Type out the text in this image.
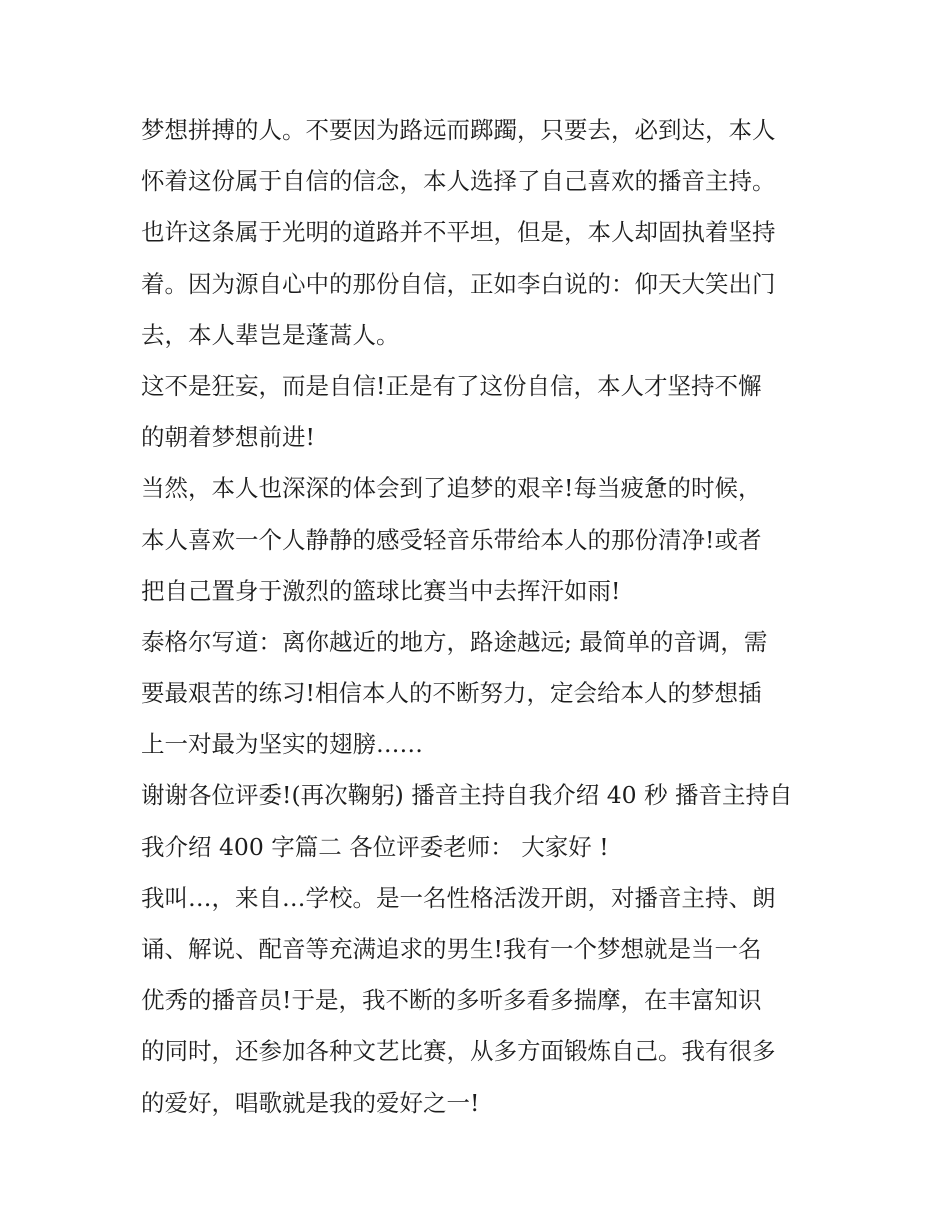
梦想拼搏的人。不要因为路远而踯躅，只要去，必到达，本人
怀着这份属于自信的信念，本人选择了自己喜欢的播音主持。
也许这条属于光明的道路并不平坦，但是，本人却固执着坚持
着。因为源自心中的那份自信，正如李白说的：仰天大笑出门
去，本人辈岂是蓬蒿人。
这不是狂妄，而是自信!正是有了这份自信，本人才坚持不懈
的朝着梦想前进!
当然，本人也深深的体会到了追梦的艰辛!每当疲惫的时候，
本人喜欢一个人静静的感受轻音乐带给本人的那份清净!或者
把自己置身于激烈的篮球比赛当中去挥汗如雨!
泰格尔写道：离你越近的地方，路途越远; 最简单的音调，需
要最艰苦的练习!相信本人的不断努力，定会给本人的梦想插
上一对最为坚实的翅膀……
谢谢各位评委!(再次鞠躬) 播音主持自我介绍 40 秒 播音主持自
我介绍 400 字篇二 各位评委老师： 大家好 !
我叫…，来自…学校。是一名性格活泼开朗，对播音主持、朗
诵、解说、配音等充满追求的男生!我有一个梦想就是当一名
优秀的播音员!于是，我不断的多听多看多揣摩，在丰富知识
的同时，还参加各种文艺比赛，从多方面锻炼自己。我有很多
的爱好，唱歌就是我的爱好之一!
